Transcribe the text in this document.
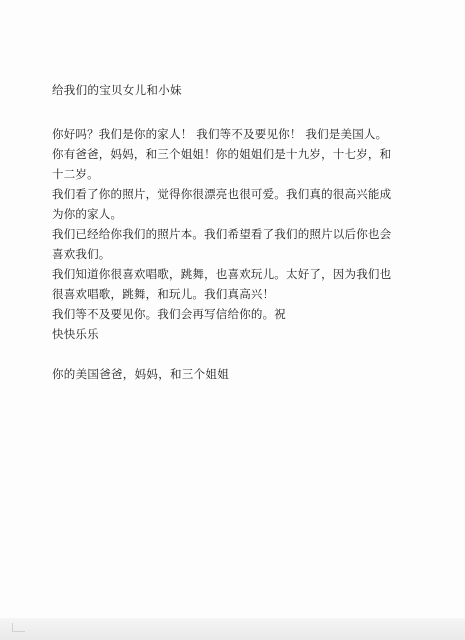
给我们的宝贝女儿和小妹
你好吗？我们是你的家人！ 我们等不及要见你！ 我们是美国人。
你有爸爸，妈妈，和三个姐姐！你的姐姐们是十九岁，十七岁，和
十二岁。
我们看了你的照片，觉得你很漂亮也很可爱。我们真的很高兴能成
为你的家人。
我们已经给你我们的照片本。我们希望看了我们的照片以后你也会
喜欢我们。
我们知道你很喜欢唱歌，跳舞，也喜欢玩儿。太好了，因为我们也
很喜欢唱歌，跳舞，和玩儿。我们真高兴！
我们等不及要见你。我们会再写信给你的。祝
快快乐乐
你的美国爸爸，妈妈，和三个姐姐
